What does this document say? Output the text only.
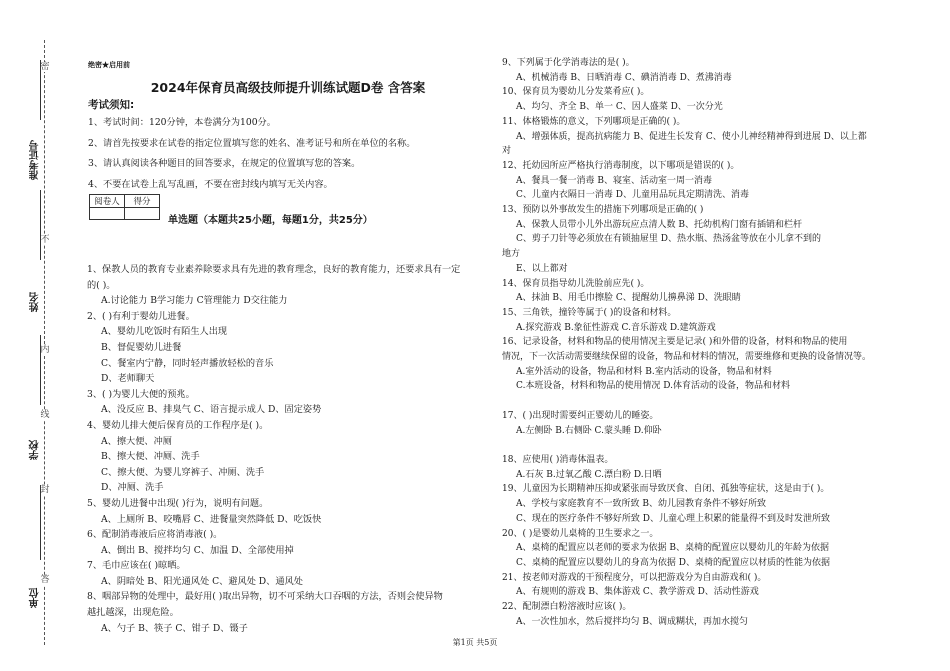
密
不
内
线
封
答
准考证号
姓名
学校
单位
绝密★启用前
2024年保育员高级技师提升训练试题D卷 含答案
考试须知:

1、考试时间：120分钟，本卷满分为100分。

2、请首先按要求在试卷的指定位置填写您的姓名、准考证号和所在单位的名称。

3、请认真阅读各种题目的回答要求，在规定的位置填写您的答案。

4、不要在试卷上乱写乱画，不要在密封线内填写无关内容。

阅卷人	得分

单选题（本题共25小题，每题1分，共25分）

1、保教人员的教育专业素养除要求具有先进的教育理念，良好的教育能力，还要求具有一定

的( )。

A.讨论能力 B学习能力 C管理能力 D交往能力

2、( )有利于婴幼儿进餐。

A、婴幼儿吃饭时有陌生人出现

B、督促婴幼儿进餐

C、餐室内宁静，同时轻声播放轻松的音乐

D、老师聊天

3、( )为婴儿大便的预兆。

A、没反应 B、排臭气 C、语言提示成人 D、固定姿势

4、婴幼儿排大便后保育员的工作程序是( )。

A、擦大便、冲厕

B、擦大便、冲厕、洗手

C、擦大便、为婴儿穿裤子、冲厕、洗手

D、冲厕、洗手

5、婴幼儿进餐中出现( )行为，说明有问题。

A、上厕所 B、咬嘴唇 C、进餐量突然降低 D、吃饭快

6、配制消毒液后应将消毒液( )。

A、倒出 B、搅拌均匀 C、加温 D、全部使用掉

7、毛巾应该在( )晾晒。

A、阴暗处 B、阳光通风处 C、避风处 D、通风处

8、咽部异物的处理中，最好用( )取出异物，切不可采纳大口吞咽的方法，否则会使异物

越扎越深，出现危险。

A、勺子 B、筷子 C、钳子 D、镊子

9、下列属于化学消毒法的是( )。

A、机械消毒 B、日晒消毒 C、碘消消毒 D、煮沸消毒

10、保育员为婴幼儿分发菜肴应( )。

A、均匀、齐全 B、单一 C、因人盛菜 D、一次分光

11、体格锻炼的意义，下列哪项是正确的( )。

A、增强体质，提高抗病能力 B、促进生长发育 C、使小儿神经精神得到进展 D、以上都

对

12、托幼园所应严格执行消毒制度，以下哪项是错误的( )。

A、餐具一餐一消毒 B、寝室、活动室一周一消毒

C、儿童内衣隔日一消毒 D、儿童用品玩具定期清洗、消毒

13、预防以外事故发生的措施下列哪项是正确的( )

A、保教人员带小儿外出游玩应点清人数 B、托幼机构门窗有插销和栏杆

C、剪子刀针等必须放在有锁抽屉里 D、热水瓶、热汤盆等放在小儿拿不到的

地方

E、以上都对

14、保育员指导幼儿洗脸前应先( )。

A、抹油 B、用毛巾擦脸 C、提醒幼儿擤鼻涕 D、洗眼睛

15、三角铁，撞铃等属于( )的设备和材料。

A.探究游戏 B.象征性游戏 C.音乐游戏 D.建筑游戏

16、记录设备，材料和物品的使用情况主要是记录( )和外借的设备，材料和物品的使用

情况，下一次活动需要继续保留的设备，物品和材料的情况，需要维修和更换的设备情况等。

A.室外活动的设备，物品和材料 B.室内活动的设备，物品和材料

C.本班设备，材料和物品的使用情况 D.体育活动的设备，物品和材料

17、( )出现时需要纠正婴幼儿的睡姿。

A.左侧卧 B.右侧卧 C.蒙头睡 D.仰卧

18、应使用( )消毒体温表。

A.石灰 B.过氧乙酸 C.漂白粉 D.日晒

19、儿童因为长期精神压抑或紧张而导致厌食、自闭、孤独等症状，这是由于( )。

A、学校与家庭教育不一致所致 B、幼儿园教育条件不够好所致

C、现在的医疗条件不够好所致 D、儿童心理上积累的能量得不到及时发泄所致

20、( )是婴幼儿桌椅的卫生要求之一。

A、桌椅的配置应以老师的要求为依据 B、桌椅的配置应以婴幼儿的年龄为依据

C、桌椅的配置应以婴幼儿的身高为依据 D、桌椅的配置应以材质的性能为依据

21、按老师对游戏的干预程度分，可以把游戏分为自由游戏和( )。

A、有规则的游戏 B、集体游戏 C、教学游戏 D、活动性游戏

22、配制漂白粉溶液时应该( )。

A、一次性加水，然后搅拌均匀 B、调成糊状，再加水搅匀

第1页 共5页
